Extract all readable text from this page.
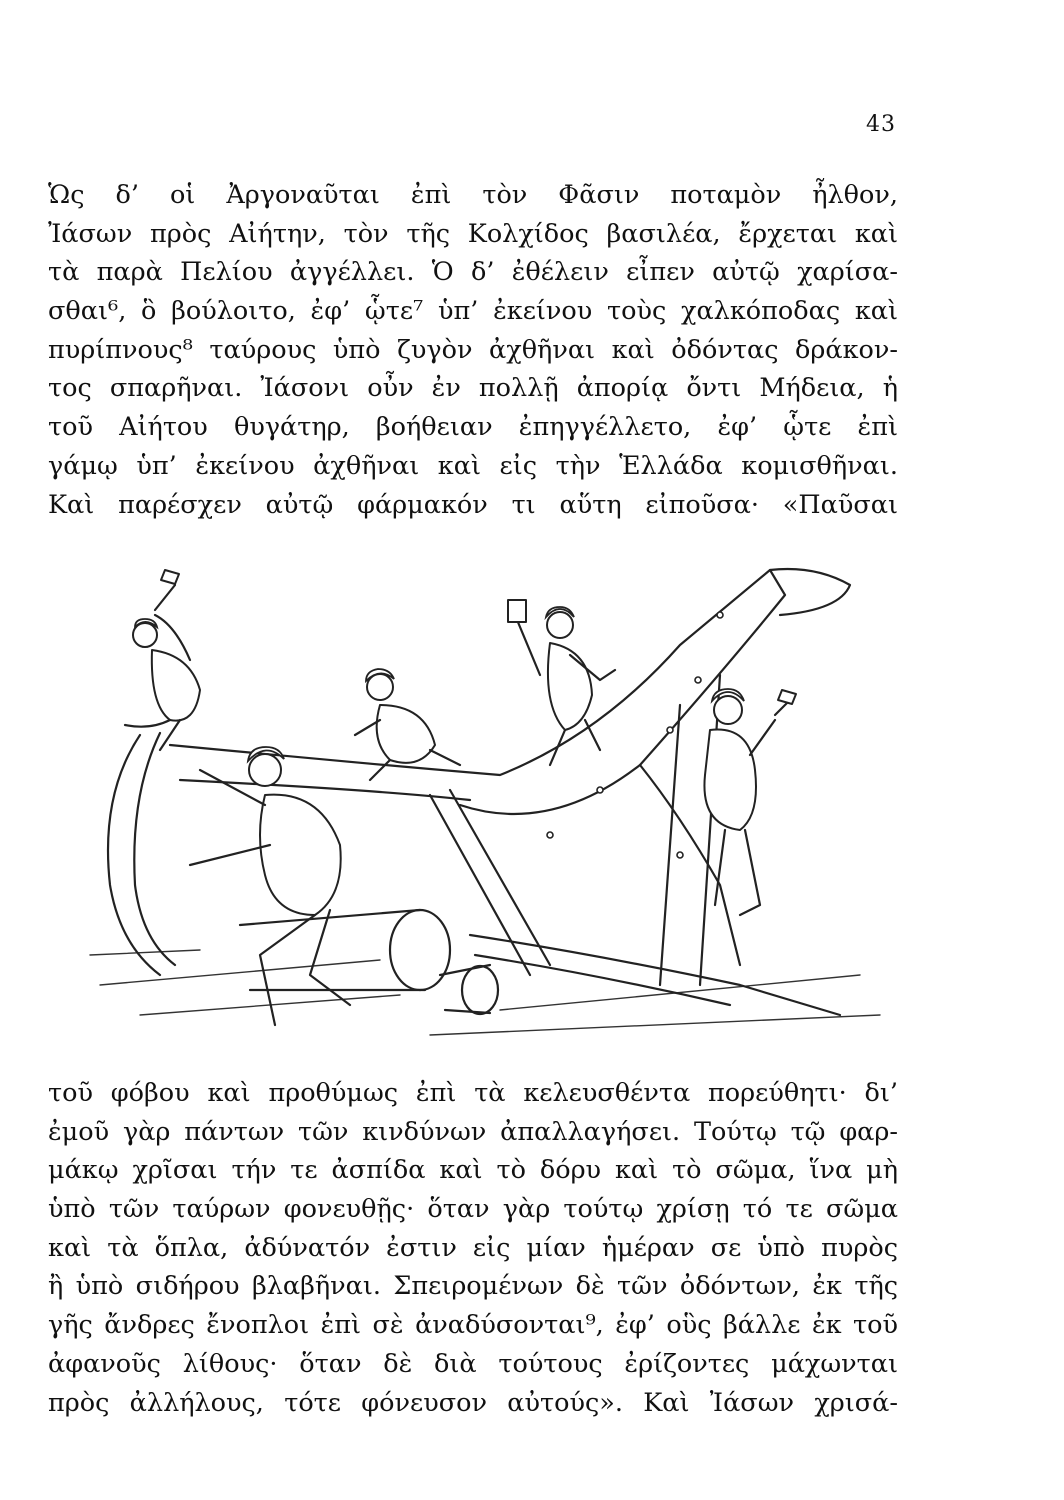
43
Ὡς δ’ οἱ Ἀργοναῦται ἐπὶ τὸν Φᾶσιν ποταμὸν ἦλθον,
Ἰάσων πρὸς Αἰήτην, τὸν τῆς Κολχίδος βασιλέα, ἔρχεται καὶ
τὰ παρὰ Πελίου ἀγγέλλει. Ὁ δ’ ἐθέλειν εἶπεν αὐτῷ χαρίσα-
σθαι⁶, ὃ βούλοιτο, ἐφ’ ᾧτε⁷ ὑπ’ ἐκείνου τοὺς χαλκόποδας καὶ
πυρίπνους⁸ ταύρους ὑπὸ ζυγὸν ἀχθῆναι καὶ ὀδόντας δράκον-
τος σπαρῆναι. Ἰάσονι οὖν ἐν πολλῇ ἀπορίᾳ ὄντι Μήδεια, ἡ
τοῦ Αἰήτου θυγάτηρ, βοήθειαν ἐπηγγέλλετο, ἐφ’ ᾧτε ἐπὶ
γάμῳ ὑπ’ ἐκείνου ἀχθῆναι καὶ εἰς τὴν Ἑλλάδα κομισθῆναι.
Καὶ παρέσχεν αὐτῷ φάρμακόν τι αὕτη εἰποῦσα· «Παῦσαι
τοῦ φόβου καὶ προθύμως ἐπὶ τὰ κελευσθέντα πορεύθητι· δι’
ἐμοῦ γὰρ πάντων τῶν κινδύνων ἀπαλλαγήσει. Τούτῳ τῷ φαρ-
μάκῳ χρῖσαι τήν τε ἀσπίδα καὶ τὸ δόρυ καὶ τὸ σῶμα, ἵνα μὴ
ὑπὸ τῶν ταύρων φονευθῇς· ὅταν γὰρ τούτῳ χρίσῃ τό τε σῶμα
καὶ τὰ ὅπλα, ἀδύνατόν ἐστιν εἰς μίαν ἡμέραν σε ὑπὸ πυρὸς
ἢ ὑπὸ σιδήρου βλαβῆναι. Σπειρομένων δὲ τῶν ὀδόντων, ἐκ τῆς
γῆς ἄνδρες ἔνοπλοι ἐπὶ σὲ ἀναδύσονται⁹, ἐφ’ οὓς βάλλε ἐκ τοῦ
ἀφανοῦς λίθους· ὅταν δὲ διὰ τούτους ἐρίζοντες μάχωνται
πρὸς ἀλλήλους, τότε φόνευσον αὐτούς». Καὶ Ἰάσων χρισά-
